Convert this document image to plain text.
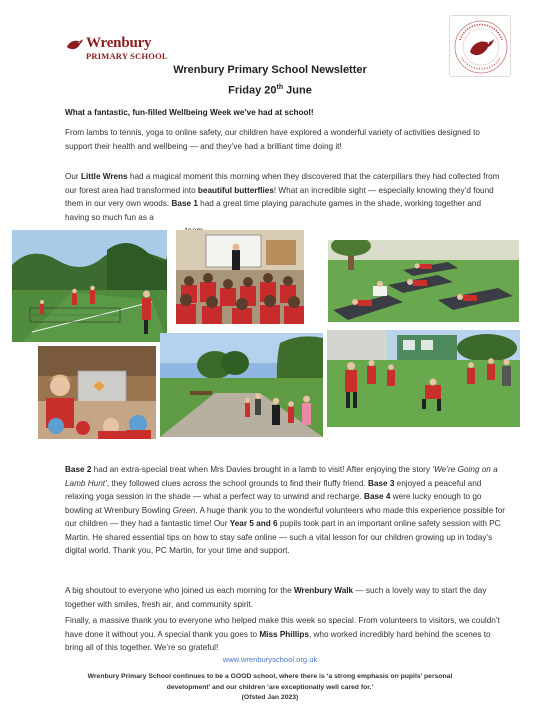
Wrenbury
PRIMARY SCHOOL
Wrenbury Primary School Newsletter
Friday 20th June
What a fantastic, fun-filled Wellbeing Week we’ve had at school!
From lambs to tennis, yoga to online safety, our children have explored a wonderful variety of activities designed to support their health and wellbeing — and they’ve had a brilliant time doing it!
Our Little Wrens had a magical moment this morning when they discovered that the caterpillars they had collected from our forest area had transformed into beautiful butterflies! What an incredible sight — especially knowing they’d found them in our very own woods. Base 1 had a great time playing parachute games in the shade, working together and having so much fun as a

Base 2 had an extra-special treat when Mrs Davies brought in a lamb to visit! After enjoying the story ‘We’re Going on a Lamb Hunt’, they followed clues across the school grounds to find their fluffy friend. Base 3 enjoyed a peaceful and relaxing yoga session in the shade — what a perfect way to unwind and recharge. Base 4 were lucky enough to go bowling at Wrenbury Bowling Green. A huge thank you to the wonderful volunteers who made this experience possible for our children — they had a fantastic time! Our Year 5 and 6 pupils took part in an important online safety session with PC Martin. He shared essential tips on how to stay safe online — such a vital lesson for our children growing up in today’s digital world. Thank you, PC Martin, for your time and support.
A big shoutout to everyone who joined us each morning for the Wrenbury Walk — such a lovely way to start the day together with smiles, fresh air, and community spirit.
Finally, a massive thank you to everyone who helped make this week so special. From volunteers to visitors, we couldn’t have done it without you. A special thank you goes to Miss Phillips, who worked incredibly hard behind the scenes to bring all of this together. We’re so grateful!
www.wrenburyschool.org.uk
Wrenbury Primary School continues to be a GOOD school, where there is ‘a strong emphasis on pupils’ personal
development’ and our children ‘are exceptionally well cared for.’
(Ofsted Jan 2023)
